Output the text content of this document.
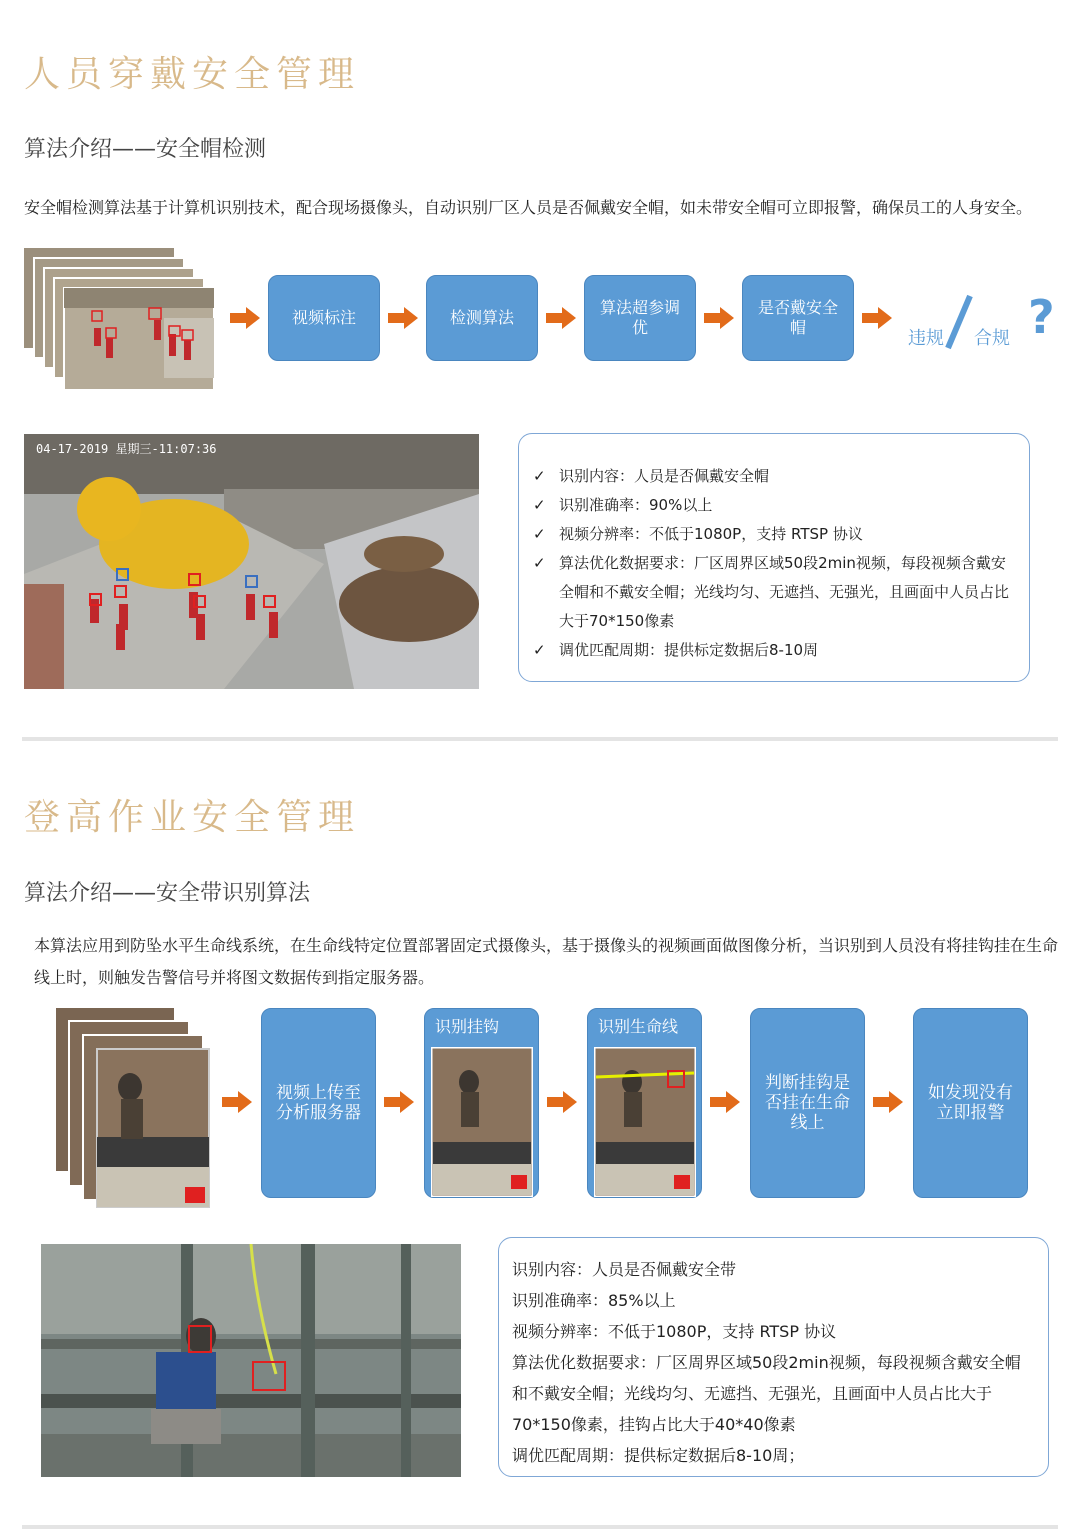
人员穿戴安全管理
算法介绍——安全帽检测
安全帽检测算法基于计算机识别技术，配合现场摄像头，自动识别厂区人员是否佩戴安全帽，如未带安全帽可立即报警，确保员工的人身安全。
视频标注	检测算法
算法超参调优
是否戴安全帽
违规 合规 ?
04-17-2019 星期三-11:07:36
✓ 识别内容：人员是否佩戴安全帽
✓ 识别准确率：90%以上
✓ 视频分辨率：不低于1080P，支持 RTSP 协议
✓ 算法优化数据要求：厂区周界区域50段2min视频，每段视频含戴安全帽和不戴安全帽；光线均匀、无遮挡、无强光，且画面中人员占比大于70*150像素
✓ 调优匹配周期：提供标定数据后8-10周
登高作业安全管理
算法介绍——安全带识别算法
本算法应用到防坠水平生命线系统，在生命线特定位置部署固定式摄像头，基于摄像头的视频画面做图像分析，当识别到人员没有将挂钩挂在生命线上时，则触发告警信号并将图文数据传到指定服务器。
视频上传至分析服务器
识别挂钩	识别生命线
判断挂钩是否挂在生命线上
如发现没有立即报警
识别内容：人员是否佩戴安全带
识别准确率：85%以上
视频分辨率：不低于1080P，支持 RTSP 协议
算法优化数据要求：厂区周界区域50段2min视频，每段视频含戴安全帽和不戴安全帽；光线均匀、无遮挡、无强光，且画面中人员占比大于70*150像素，挂钩占比大于40*40像素
调优匹配周期：提供标定数据后8-10周；
